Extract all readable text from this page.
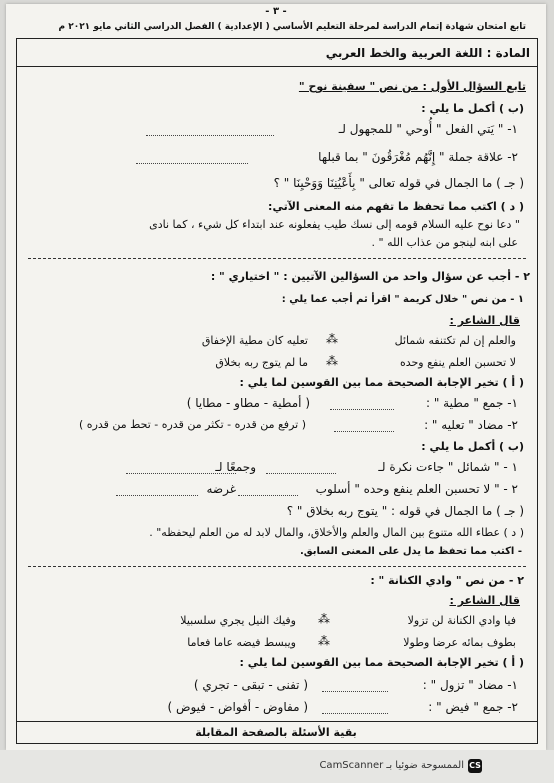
- ٣ -
تابع امتحان شهادة إتمام الدراسة لمرحلة التعليم الأساسي ( الإعدادية ) الفصل الدراسي الثاني مايو ٢٠٢١ م
المادة : اللغة العربية والخط العربي
تابع السؤال الأول : من نص " سفينة نوح "
(ب ) أكمل ما يلي :
١- " يَتي الفعل " أُوحي " للمجهول لـ
٢- علاقة جملة " إِنَّهُم مُغْرَقُونَ " بما قبلها
( جـ ) ما الجمال في قوله تعالى " بِأَعْيُنِنَا وَوَحْيِنَا " ؟
( د ) اكتب مما تحفظ ما تفهم منه المعنى الآتي:
" دعا نوح عليه السلام قومه إلى نسك طيب يفعلونه عند ابتداء كل شيء ، كما نادى
على ابنه لينجو من عذاب الله " .
٢ - أجب عن سؤال واحد من السؤالين الآتيين : " اختياري " :
١ - من نص " خلال كريمة " اقرأ ثم أجب عما يلي :
قال الشاعر :
والعلم إن لم تكتنفه شمائل
⁂
تعليه كان مطية الإخفاق
لا تحسبن العلم ينفع وحده
⁂
ما لم يتوج ربه بخلاق
( أ ) تخير الإجابة الصحيحة مما بين القوسين لما يلي :
١- جمع " مطية " :
( أمطية - مطاو - مطايا )
٢- مضاد " تعليه " :
( ترفع من قدره - تكثر من قدره - تحط من قدره )
(ب ) أكمل ما يلي :
١ - " شمائل " جاءت نكرة لـ
وجمعًا لـ
٢ - " لا تحسبن العلم ينفع وحده " أسلوب
غرضه
( جـ ) ما الجمال في قوله : " يتوج ربه بخلاق " ؟
( د ) عطاء الله متنوع بين المال والعلم والأخلاق، والمال لابد له من العلم ليحفظه" .
- اكتب مما تحفظ ما يدل على المعنى السابق.
٢ - من نص " وادي الكنانة " :
قال الشاعر :
فيا وادي الكنانة لن تزولا
⁂
وفيك النيل يجري سلسبيلا
بطوف بمائه عرضا وطولا
⁂
ويبسط فيضه عاما فعاما
( أ ) تخير الإجابة الصحيحة مما بين القوسين لما يلي :
١- مضاد " تزول " :
( تفنى - تبقى - تجري )
٢- جمع " فيض " :
( مفاوض - أفواض - فيوض )
بقية الأسئلة بالصفحة المقابلة
الممسوحة ضوئيا بـ CamScanner CS
